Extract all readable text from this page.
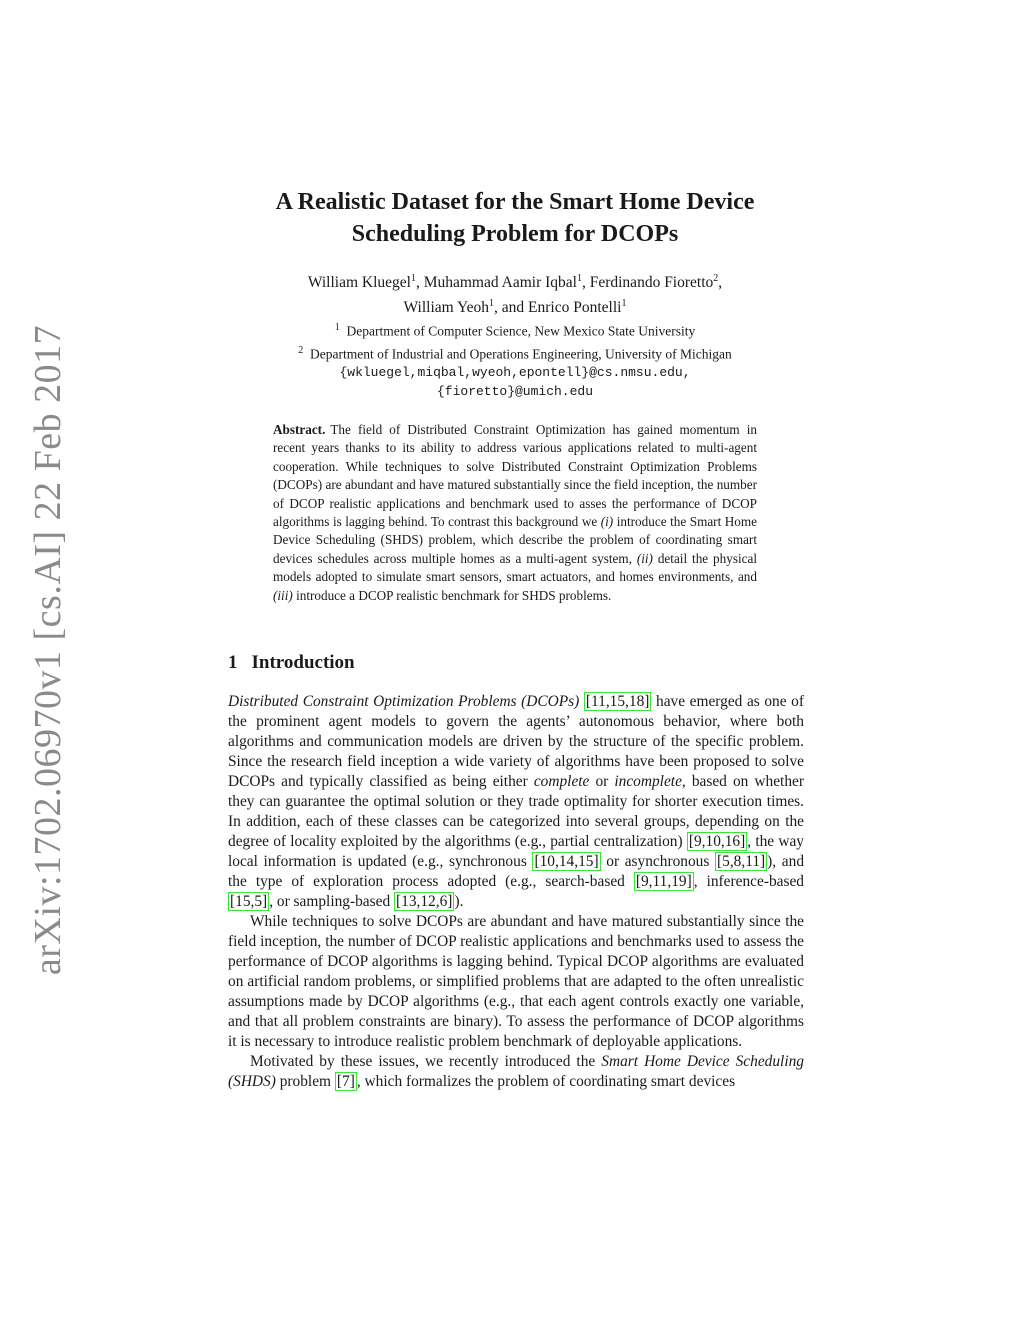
arXiv:1702.06970v1 [cs.AI] 22 Feb 2017
A Realistic Dataset for the Smart Home Device
Scheduling Problem for DCOPs
William Kluegel$^1$, Muhammad Aamir Iqbal$^1$, Ferdinando Fioretto$^2$,
William Yeoh$^1$, and Enrico Pontelli$^1$
$^1$ Department of Computer Science, New Mexico State University
$^2$ Department of Industrial and Operations Engineering, University of Michigan
{wkluegel,miqbal,wyeoh,epontell}@cs.nmsu.edu,
{fioretto}@umich.edu
Abstract. The field of Distributed Constraint Optimization has gained momentum in recent years thanks to its ability to address various applications related to multi-agent cooperation. While techniques to solve Distributed Constraint Optimization Problems (DCOPs) are abundant and have matured substantially since the field inception, the number of DCOP realistic applications and benchmark used to asses the performance of DCOP algorithms is lagging behind. To contrast this background we (i) introduce the Smart Home Device Scheduling (SHDS) problem, which describe the problem of coordinating smart devices schedules across multiple homes as a multi-agent system, (ii) detail the physical models adopted to simulate smart sensors, smart actuators, and homes environments, and (iii) introduce a DCOP realistic benchmark for SHDS problems.
1 Introduction

Distributed Constraint Optimization Problems (DCOPs) [11,15,18] have emerged as one of the prominent agent models to govern the agents’ autonomous behavior, where both algorithms and communication models are driven by the structure of the specific problem. Since the research field inception a wide variety of algorithms have been proposed to solve DCOPs and typically classified as being either complete or incomplete, based on whether they can guarantee the optimal solution or they trade optimality for shorter execution times. In addition, each of these classes can be categorized into several groups, depending on the degree of locality exploited by the algorithms (e.g., partial centralization) [9,10,16] , the way local information is updated (e.g., synchronous [10,14,15] or asynchronous [5,8,11] ), and the type of exploration process adopted (e.g., search-based [9,11,19] , inference-based [15,5] , or sampling-based [13,12,6] ).

While techniques to solve DCOPs are abundant and have matured substantially since the field inception, the number of DCOP realistic applications and benchmarks used to assess the performance of DCOP algorithms is lagging behind. Typical DCOP algorithms are evaluated on artificial random problems, or simplified problems that are adapted to the often unrealistic assumptions made by DCOP algorithms (e.g., that each agent controls exactly one variable, and that all problem constraints are binary). To assess the performance of DCOP algorithms it is necessary to introduce realistic problem benchmark of deployable applications.

Motivated by these issues, we recently introduced the Smart Home Device Scheduling (SHDS) problem [7] , which formalizes the problem of coordinating smart devices
